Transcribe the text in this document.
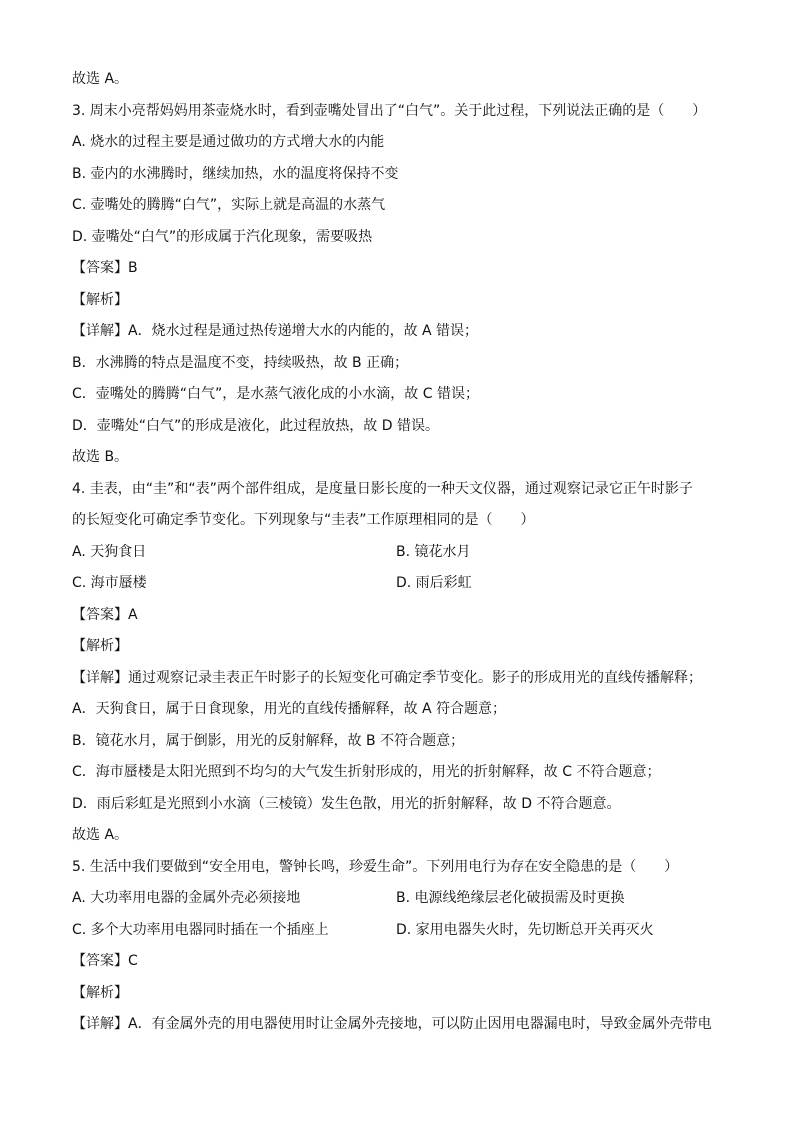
故选 A。
3. 周末小亮帮妈妈用茶壶烧水时，看到壶嘴处冒出了“白气”。关于此过程，下列说法正确的是（　　）
A. 烧水的过程主要是通过做功的方式增大水的内能
B. 壶内的水沸腾时，继续加热，水的温度将保持不变
C. 壶嘴处的腾腾“白气”，实际上就是高温的水蒸气
D. 壶嘴处“白气”的形成属于汽化现象，需要吸热
【答案】B
【解析】
【详解】A．烧水过程是通过热传递增大水的内能的，故 A 错误；
B．水沸腾的特点是温度不变，持续吸热，故 B 正确；
C．壶嘴处的腾腾“白气”，是水蒸气液化成的小水滴，故 C 错误；
D．壶嘴处“白气”的形成是液化，此过程放热，故 D 错误。
故选 B。
4. 圭表，由“圭”和“表”两个部件组成，是度量日影长度的一种天文仪器，通过观察记录它正午时影子
的长短变化可确定季节变化。下列现象与“圭表”工作原理相同的是（　　）
A. 天狗食日	B. 镜花水月
C. 海市蜃楼	D. 雨后彩虹
【答案】A
【解析】
【详解】通过观察记录圭表正午时影子的长短变化可确定季节变化。影子的形成用光的直线传播解释；
A．天狗食日，属于日食现象，用光的直线传播解释，故 A 符合题意；
B．镜花水月，属于倒影，用光的反射解释，故 B 不符合题意；
C．海市蜃楼是太阳光照到不均匀的大气发生折射形成的，用光的折射解释，故 C 不符合题意；
D．雨后彩虹是光照到小水滴（三棱镜）发生色散，用光的折射解释，故 D 不符合题意。
故选 A。
5. 生活中我们要做到“安全用电，警钟长鸣，珍爱生命”。下列用电行为存在安全隐患的是（　　）
A. 大功率用电器的金属外壳必须接地	B. 电源线绝缘层老化破损需及时更换
C. 多个大功率用电器同时插在一个插座上	D. 家用电器失火时，先切断总开关再灭火
【答案】C
【解析】
【详解】A．有金属外壳的用电器使用时让金属外壳接地，可以防止因用电器漏电时，导致金属外壳带电
